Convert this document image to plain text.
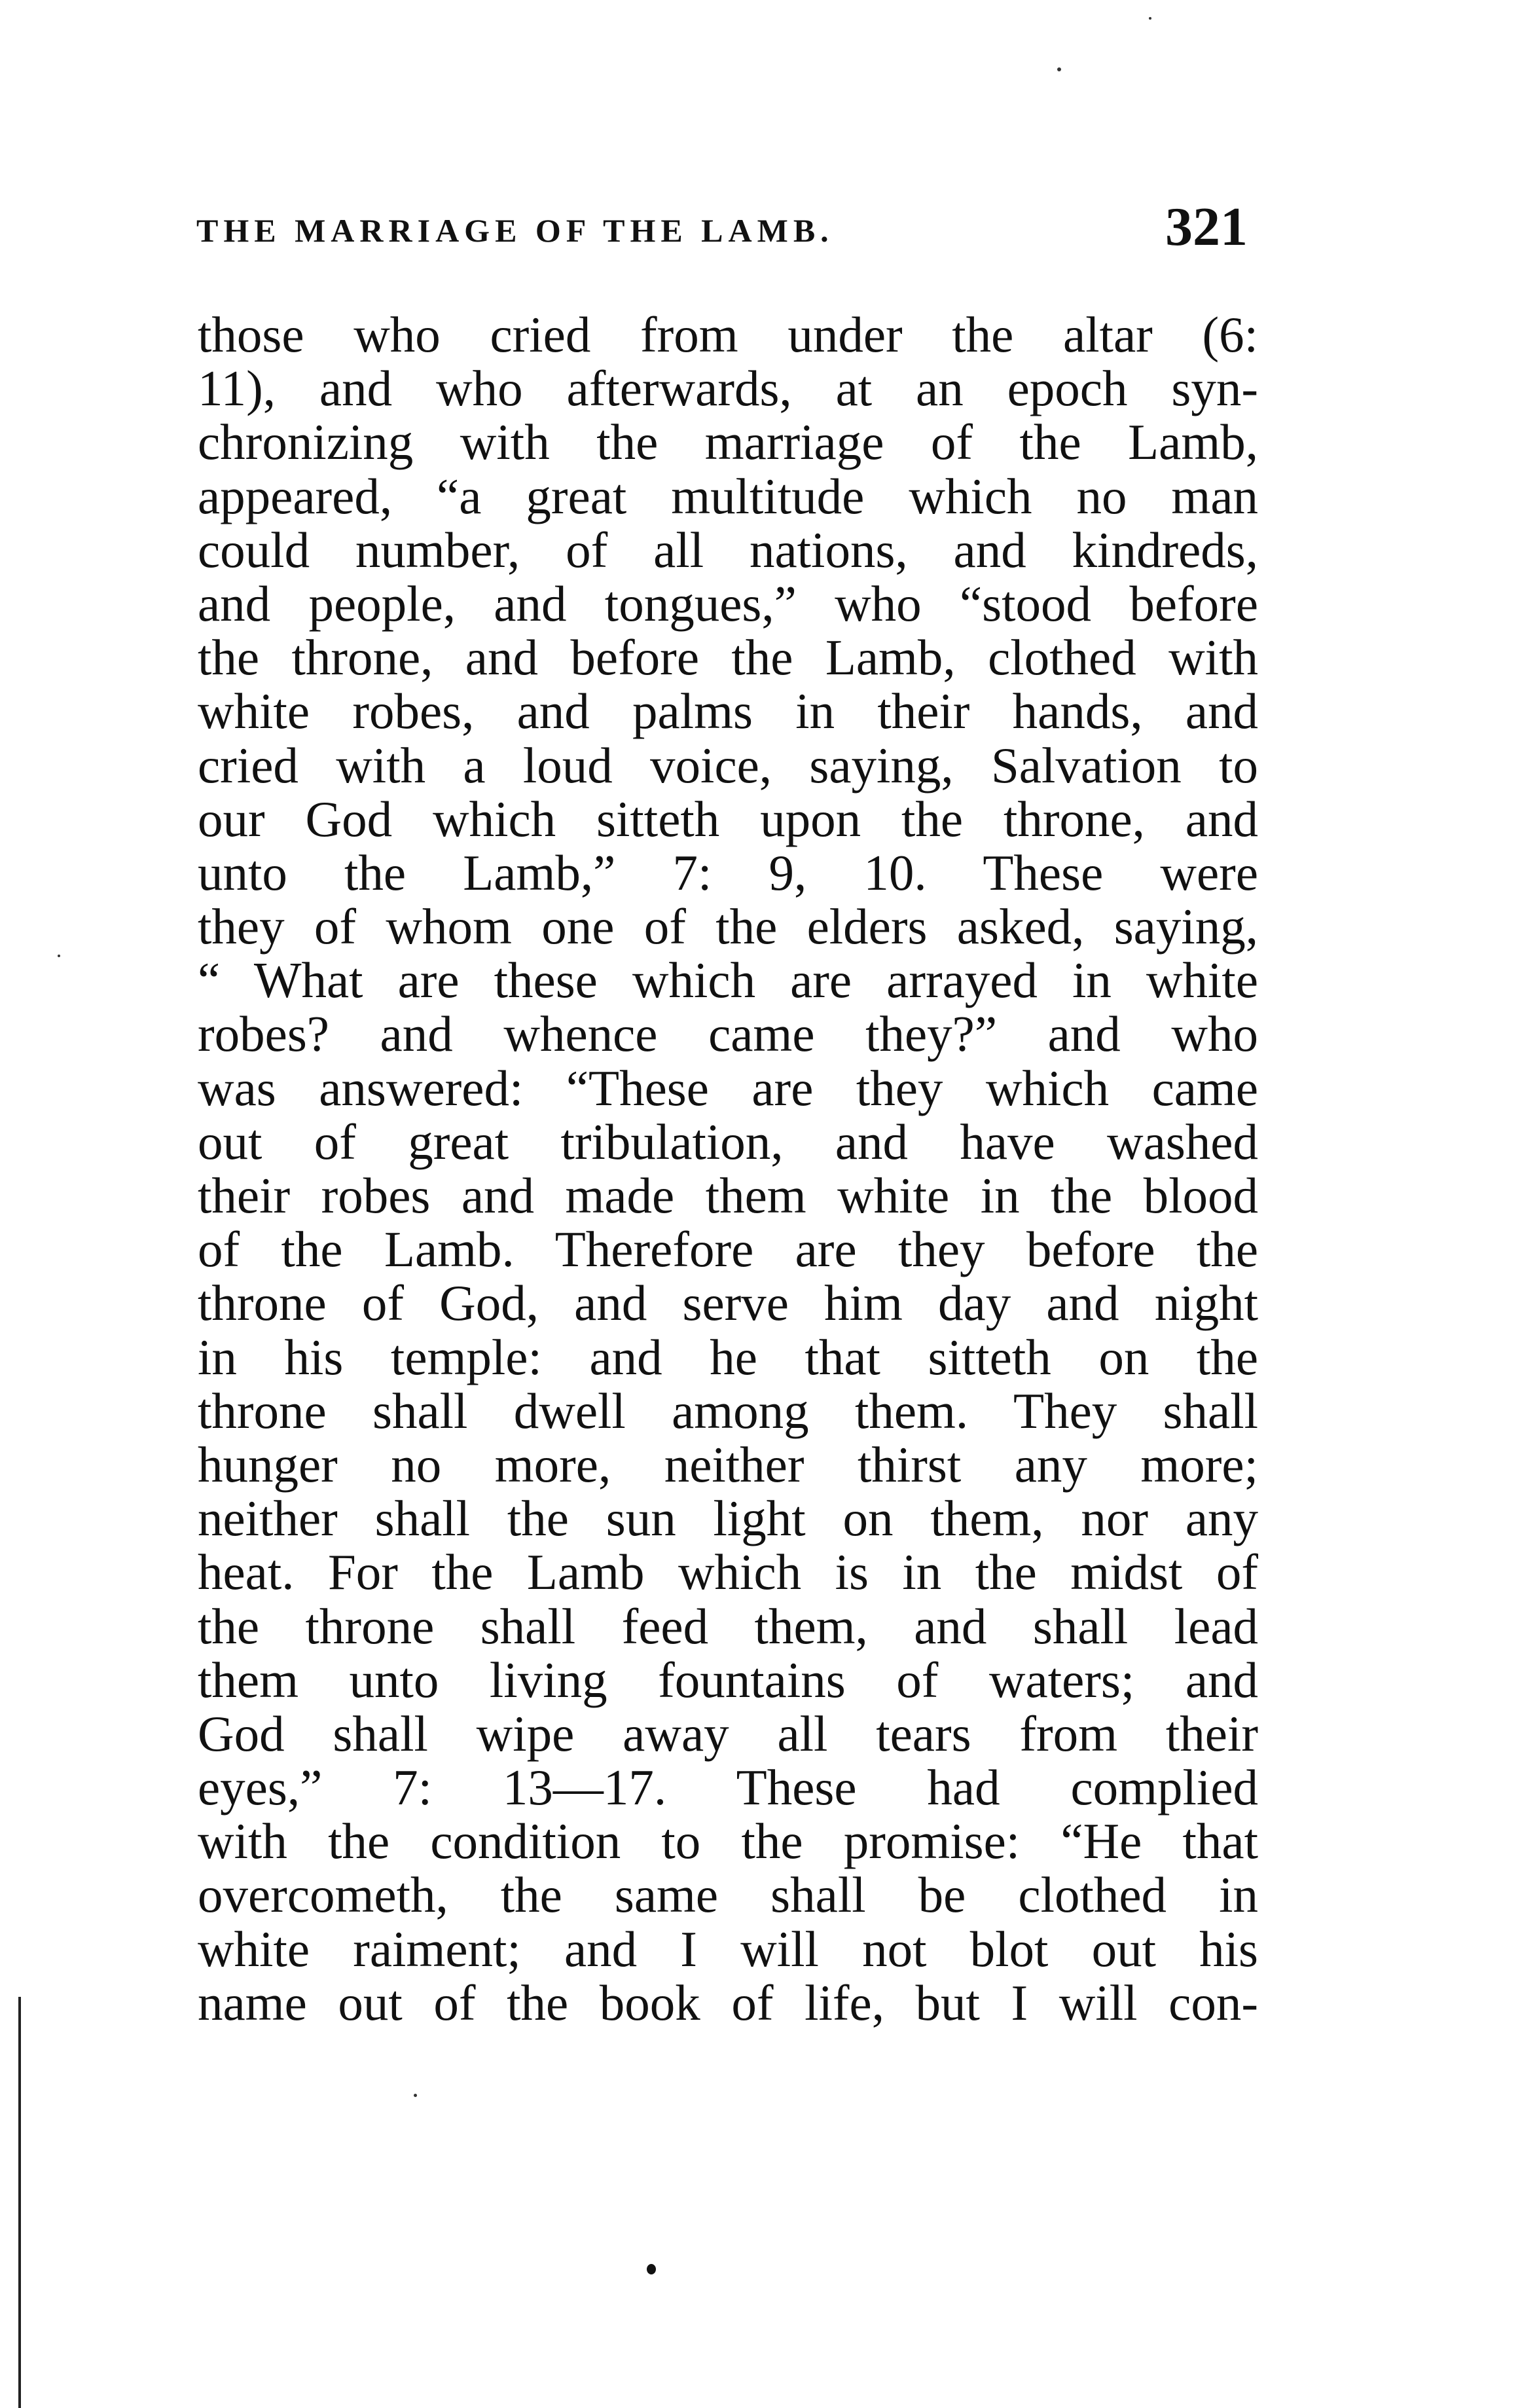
THE MARRIAGE OF THE LAMB.	321
those who cried from under the altar (6:
11), and who afterwards, at an epoch syn-
chronizing with the marriage of the Lamb,
appeared, “a great multitude which no man
could number, of all nations, and kindreds,
and people, and tongues,” who “stood before
the throne, and before the Lamb, clothed with
white robes, and palms in their hands, and
cried with a loud voice, saying, Salvation to
our God which sitteth upon the throne, and
unto the Lamb,” 7: 9, 10. These were
they of whom one of the elders asked, saying,
“ What are these which are arrayed in white
robes? and whence came they?” and who
was answered: “These are they which came
out of great tribulation, and have washed
their robes and made them white in the blood
of the Lamb. Therefore are they before the
throne of God, and serve him day and night
in his temple: and he that sitteth on the
throne shall dwell among them. They shall
hunger no more, neither thirst any more;
neither shall the sun light on them, nor any
heat. For the Lamb which is in the midst of
the throne shall feed them, and shall lead
them unto living fountains of waters; and
God shall wipe away all tears from their
eyes,” 7: 13—17. These had complied
with the condition to the promise: “He that
overcometh, the same shall be clothed in
white raiment; and I will not blot out his
name out of the book of life, but I will con-
